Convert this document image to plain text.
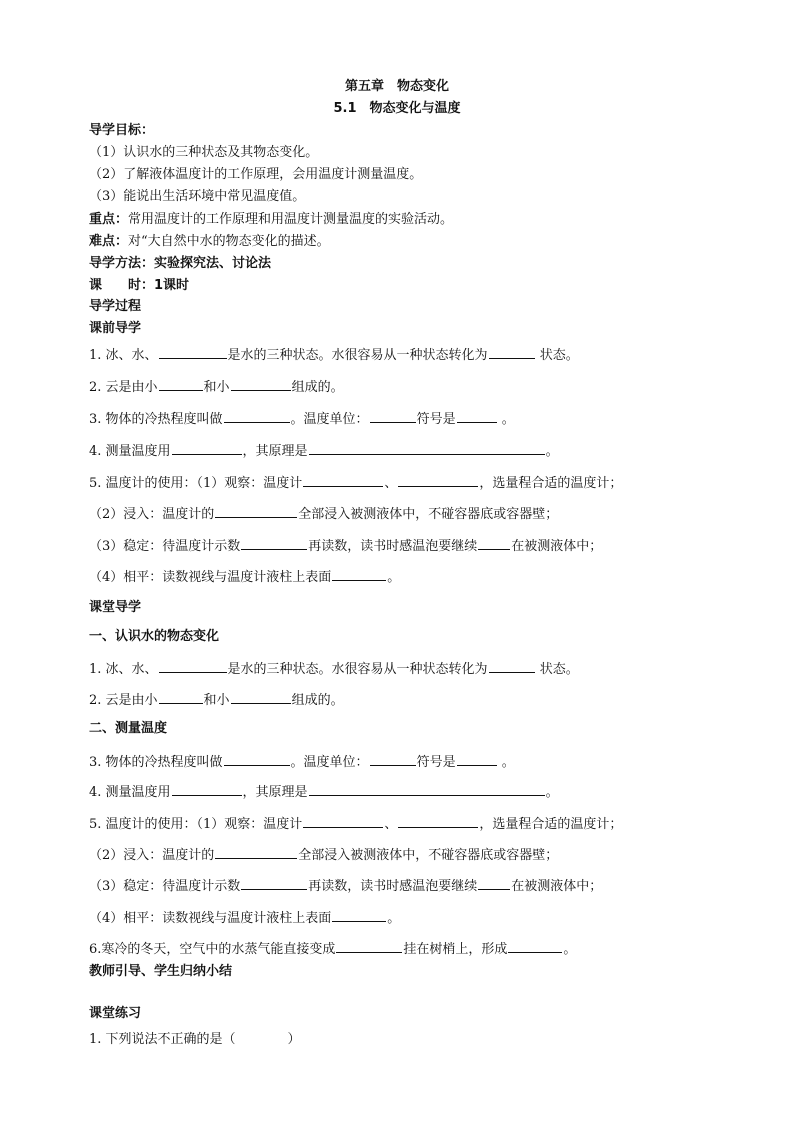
第五章　物态变化
5.1　物态变化与温度
导学目标：
（1）认识水的三种状态及其物态变化。
（2）了解液体温度计的工作原理，会用温度计测量温度。
（3）能说出生活环境中常见温度值。
重点：常用温度计的工作原理和用温度计测量温度的实验活动。
难点：对“大自然中水的物态变化的描述。
导学方法：实验探究法、讨论法
课　　时：1课时
导学过程
课前导学
1. 冰、水、	是水的三种状态。水很容易从一种状态转化为	状态。
2. 云是由小	和小	组成的。
3. 物体的冷热程度叫做	。温度单位：	符号是	。
4. 测量温度用	，其原理是	。
5. 温度计的使用：（1）观察：温度计	、	，选量程合适的温度计；
（2）浸入：温度计的	全部浸入被测液体中，不碰容器底或容器壁；
（3）稳定：待温度计示数	再读数，读书时感温泡要继续	在被测液体中；
（4）相平：读数视线与温度计液柱上表面	。
课堂导学
一、认识水的物态变化
1. 冰、水、	是水的三种状态。水很容易从一种状态转化为	状态。
2. 云是由小	和小	组成的。
二、测量温度
3. 物体的冷热程度叫做	。温度单位：	符号是	。
4. 测量温度用	，其原理是	。
5. 温度计的使用：（1）观察：温度计	、	，选量程合适的温度计；
（2）浸入：温度计的	全部浸入被测液体中，不碰容器底或容器壁；
（3）稳定：待温度计示数	再读数，读书时感温泡要继续	在被测液体中；
（4）相平：读数视线与温度计液柱上表面	。
6.寒冷的冬天，空气中的水蒸气能直接变成	挂在树梢上，形成	。
教师引导、学生归纳小结
课堂练习
1. 下列说法不正确的是（	）
